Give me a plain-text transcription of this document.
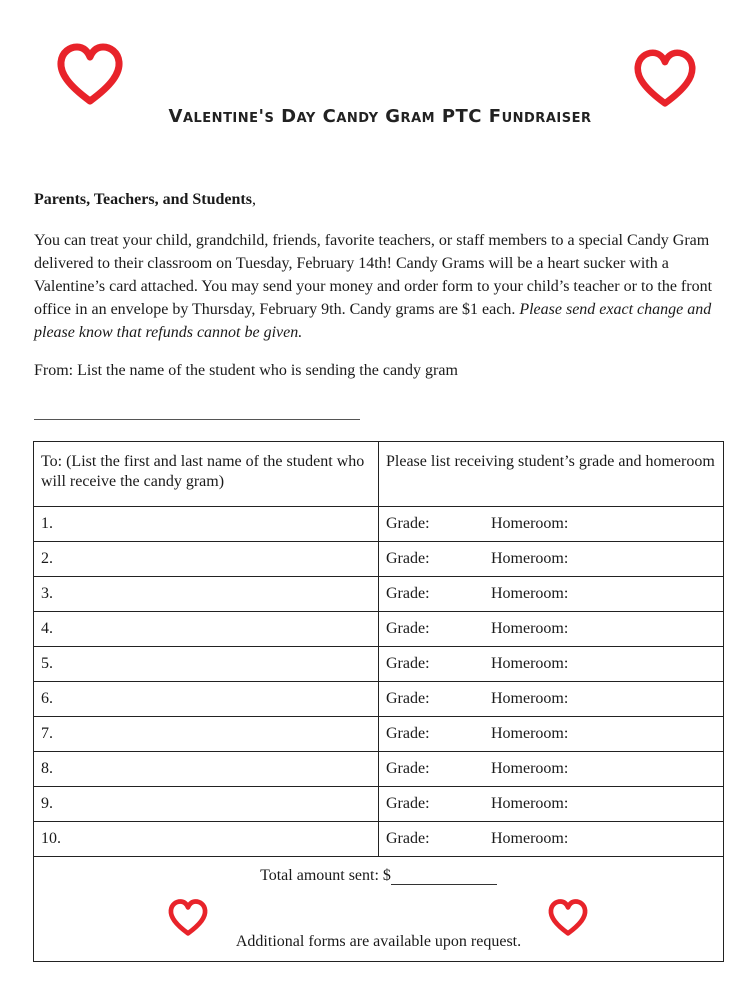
Valentine's Day Candy Gram PTC Fundraiser
Parents, Teachers, and Students,
You can treat your child, grandchild, friends, favorite teachers, or staff members to a special Candy Gram delivered to their classroom on Tuesday, February 14th! Candy Grams will be a heart sucker with a Valentine’s card attached. You may send your money and order form to your child’s teacher or to the front office in an envelope by Thursday, February 9th. Candy grams are $1 each. Please send exact change and please know that refunds cannot be given.
From: List the name of the student who is sending the candy gram
To: (List the first and last name of the student who will receive the candy gram)	Please list receiving student’s grade and homeroom
1.	Grade: Homeroom:
2.	Grade: Homeroom:
3.	Grade: Homeroom:
4.	Grade: Homeroom:
5.	Grade: Homeroom:
6.	Grade: Homeroom:
7.	Grade: Homeroom:
8.	Grade: Homeroom:
9.	Grade: Homeroom:
10.	Grade: Homeroom:

Total amount sent: $
Additional forms are available upon request.	
